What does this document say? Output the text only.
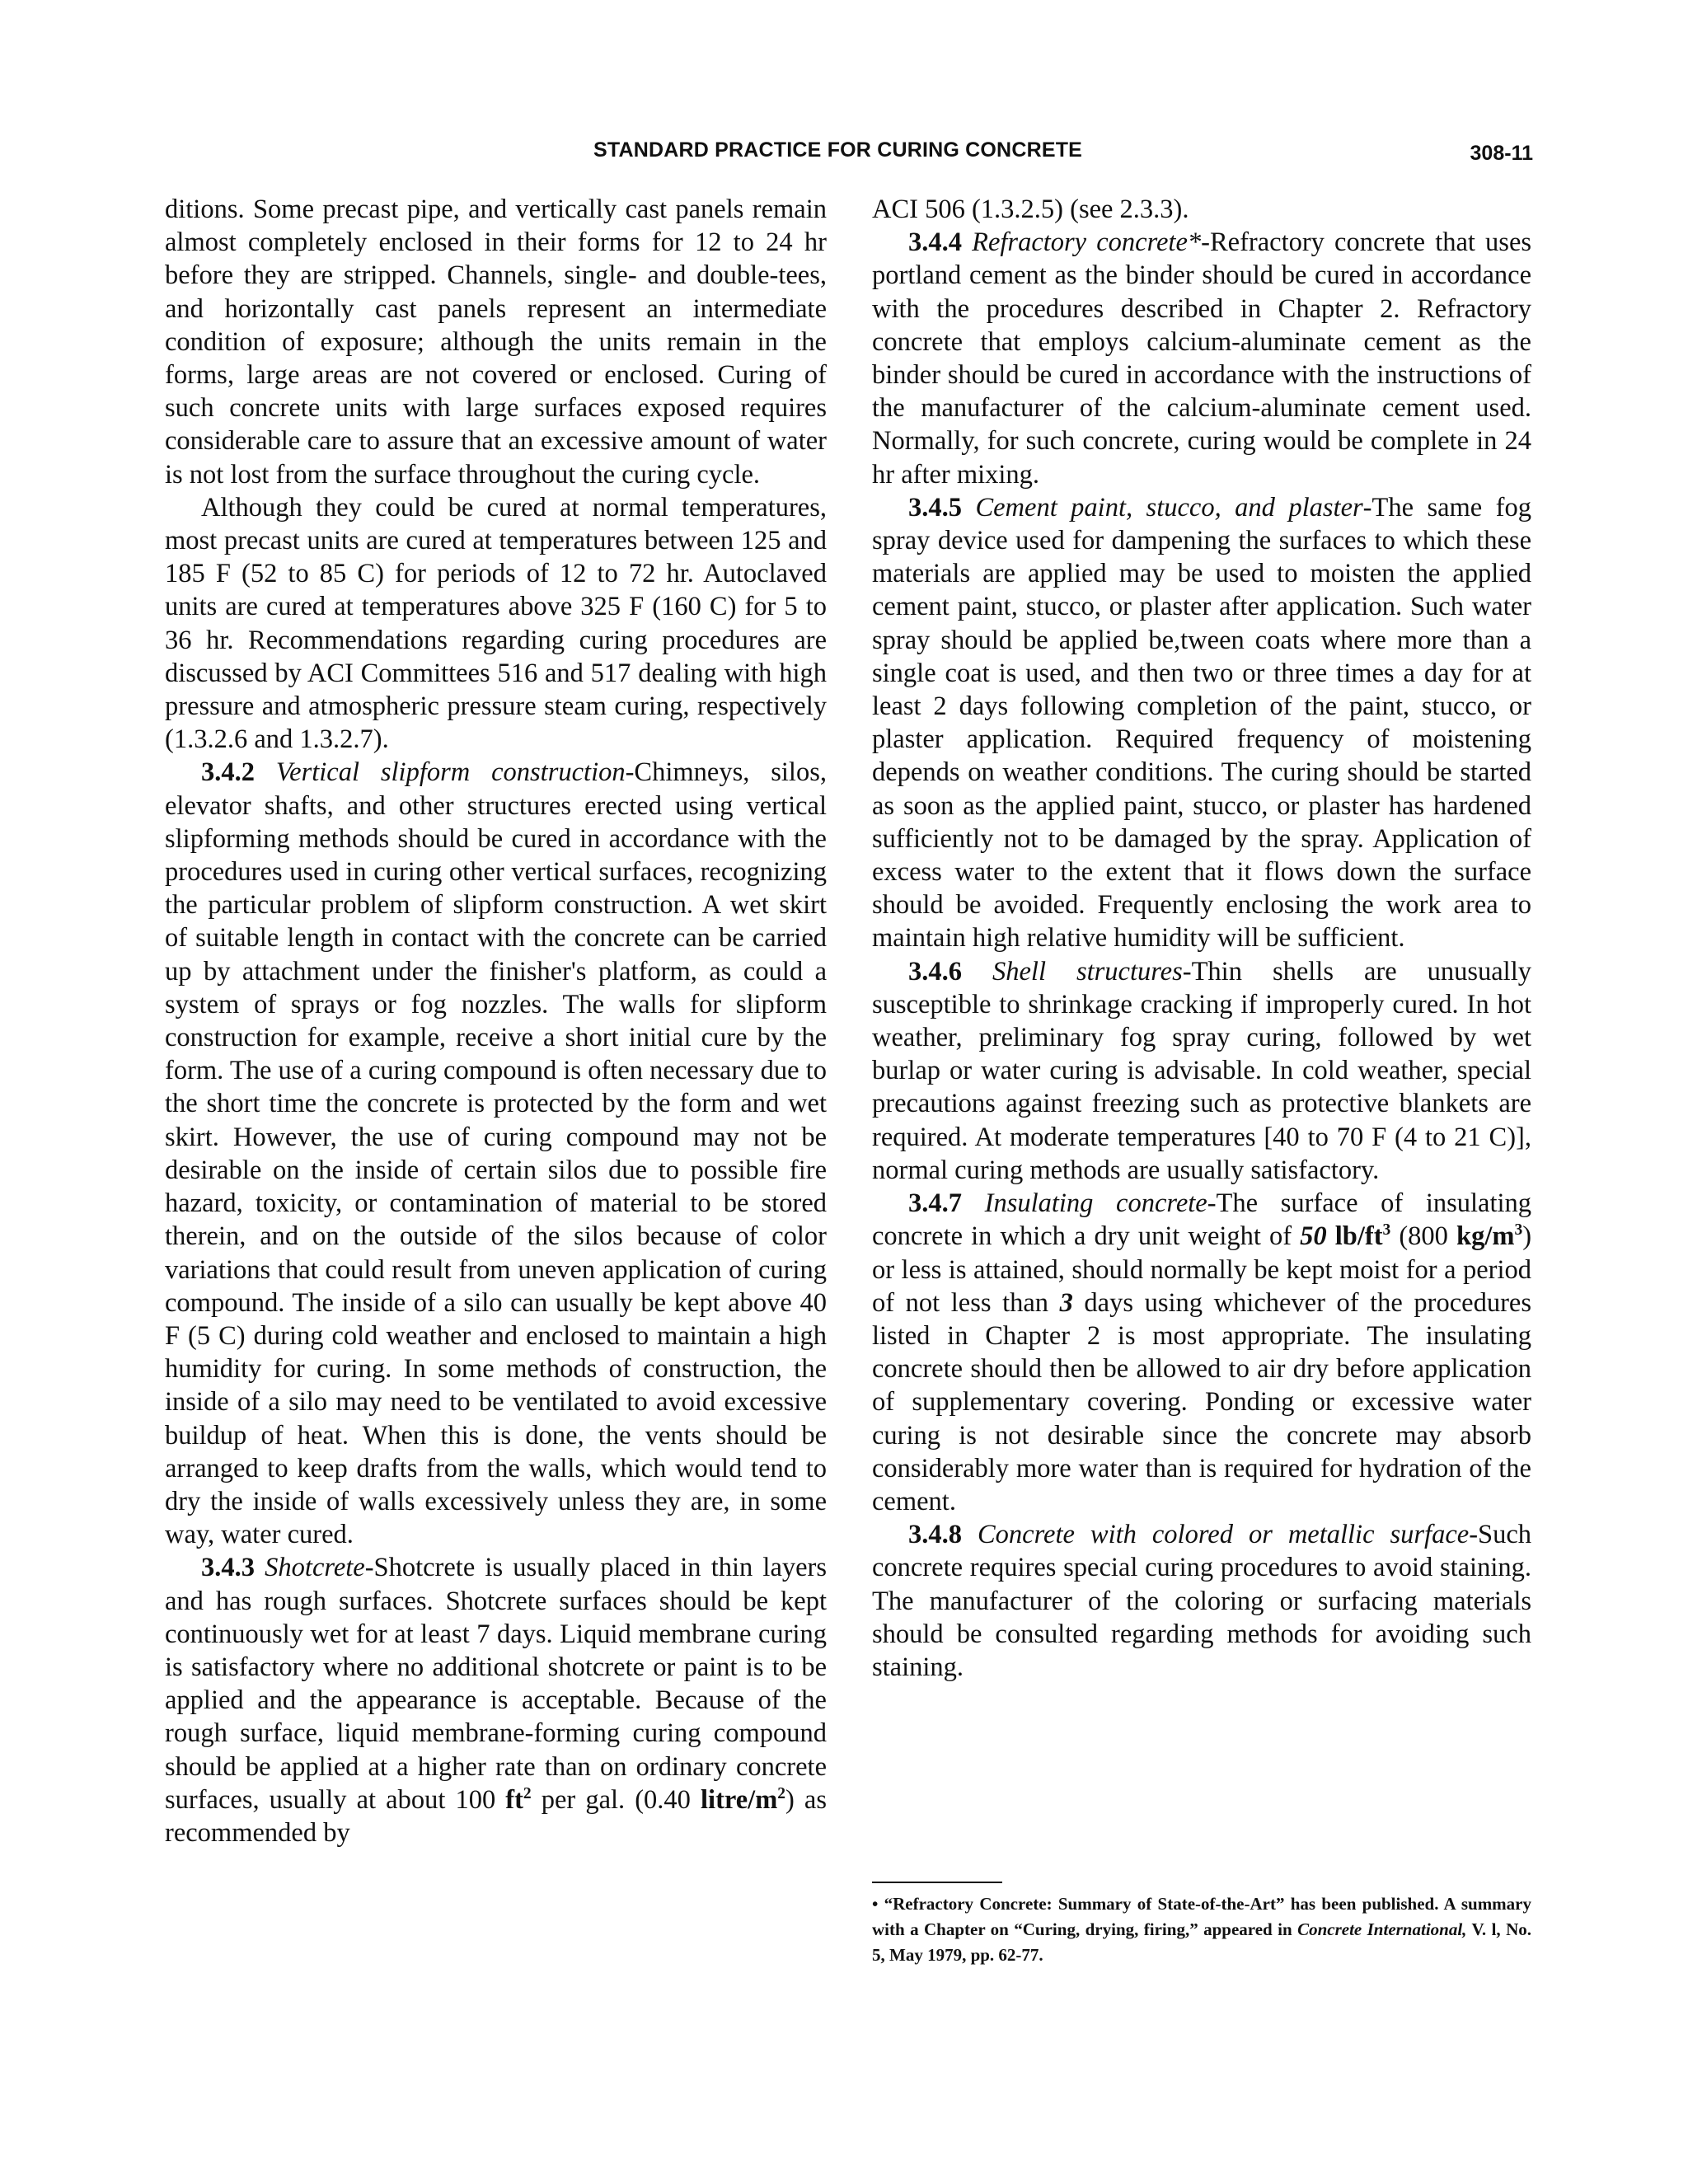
STANDARD PRACTICE FOR CURING CONCRETE	308-11

ditions. Some precast pipe, and vertically cast panels remain almost completely enclosed in their forms for 12 to 24 hr before they are stripped. Channels, single- and double-tees, and horizontally cast panels represent an intermediate condition of exposure; although the units remain in the forms, large areas are not covered or enclosed. Curing of such concrete units with large surfaces exposed requires considerable care to assure that an excessive amount of water is not lost from the surface throughout the curing cycle.

Although they could be cured at normal temperatures, most precast units are cured at temperatures between 125 and 185 F (52 to 85 C) for periods of 12 to 72 hr. Autoclaved units are cured at temperatures above 325 F (160 C) for 5 to 36 hr. Recommendations regarding curing procedures are discussed by ACI Committees 516 and 517 dealing with high pressure and atmospheric pressure steam curing, respectively (1.3.2.6 and 1.3.2.7).

3.4.2 Vertical slipform construction-Chimneys, silos, elevator shafts, and other structures erected using vertical slipforming methods should be cured in accordance with the procedures used in curing other vertical surfaces, recognizing the particular problem of slipform construction. A wet skirt of suitable length in contact with the concrete can be carried up by attachment under the finisher's platform, as could a system of sprays or fog nozzles. The walls for slipform construction for example, receive a short initial cure by the form. The use of a curing compound is often necessary due to the short time the concrete is protected by the form and wet skirt. However, the use of curing compound may not be desirable on the inside of certain silos due to possible fire hazard, toxicity, or contamination of material to be stored therein, and on the outside of the silos because of color variations that could result from uneven application of curing compound. The inside of a silo can usually be kept above 40 F (5 C) during cold weather and enclosed to maintain a high humidity for curing. In some methods of construction, the inside of a silo may need to be ventilated to avoid excessive buildup of heat. When this is done, the vents should be arranged to keep drafts from the walls, which would tend to dry the inside of walls excessively unless they are, in some way, water cured.

3.4.3 Shotcrete-Shotcrete is usually placed in thin layers and has rough surfaces. Shotcrete surfaces should be kept continuously wet for at least 7 days. Liquid membrane curing is satisfactory where no additional shotcrete or paint is to be applied and the appearance is acceptable. Because of the rough surface, liquid membrane-forming curing compound should be applied at a higher rate than on ordinary concrete surfaces, usually at about 100 $ft^2$ per gal. (0.40 litre/$m^2$) as recommended by

ACI 506 (1.3.2.5) (see 2.3.3).

3.4.4 Refractory concrete*-Refractory concrete that uses portland cement as the binder should be cured in accordance with the procedures described in Chapter 2. Refractory concrete that employs calcium-aluminate cement as the binder should be cured in accordance with the instructions of the manufacturer of the calcium-aluminate cement used. Normally, for such concrete, curing would be complete in 24 hr after mixing.

3.4.5 Cement paint, stucco, and plaster-The same fog spray device used for dampening the surfaces to which these materials are applied may be used to moisten the applied cement paint, stucco, or plaster after application. Such water spray should be applied be,tween coats where more than a single coat is used, and then two or three times a day for at least 2 days following completion of the paint, stucco, or plaster application. Required frequency of moistening depends on weather conditions. The curing should be started as soon as the applied paint, stucco, or plaster has hardened sufficiently not to be damaged by the spray. Application of excess water to the extent that it flows down the surface should be avoided. Frequently enclosing the work area to maintain high relative humidity will be sufficient.

3.4.6 Shell structures-Thin shells are unusually susceptible to shrinkage cracking if improperly cured. In hot weather, preliminary fog spray curing, followed by wet burlap or water curing is advisable. In cold weather, special precautions against freezing such as protective blankets are required. At moderate temperatures [40 to 70 F (4 to 21 C)], normal curing methods are usually satisfactory.

3.4.7 Insulating concrete-The surface of insulating concrete in which a dry unit weight of 50 $lb/ft^3$ (800 $kg/m^3$) or less is attained, should normally be kept moist for a period of not less than 3 days using whichever of the procedures listed in Chapter 2 is most appropriate. The insulating concrete should then be allowed to air dry before application of supplementary covering. Ponding or excessive water curing is not desirable since the concrete may absorb considerably more water than is required for hydration of the cement.

3.4.8 Concrete with colored or metallic surface-Such concrete requires special curing procedures to avoid staining. The manufacturer of the coloring or surfacing materials should be consulted regarding methods for avoiding such staining.

• “Refractory Concrete: Summary of State-of-the-Art” has been published. A summary with a Chapter on “Curing, drying, firing,” appeared in Concrete International, V. l, No. 5, May 1979, pp. 62-77.
